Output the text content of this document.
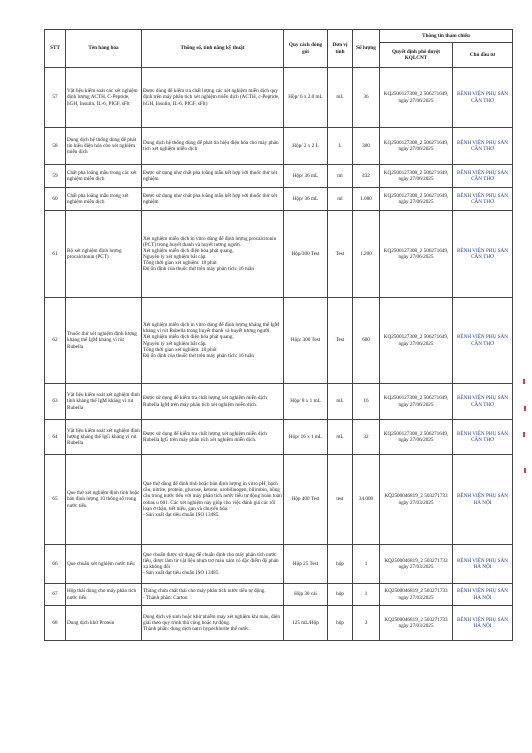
STT	Tên hàng hóa	Thông số, tính năng kỹ thuật	Quy cách đóng gói	Đơn vị tính	Số lượng	Thông tin tham chiếu	
						Quyết định phê duyệt KQLCNT	Chủ đầu tư
57	Vật liệu kiểm soát các xét nghiệm định lượng ACTH, C-Peptide, hGH, Insulin, IL-6, PIGF, sFlt	Được dùng để kiểm tra chất lượng các xét nghiệm miễn dịch quy định trên máy phân tích xét nghiệm miễn dịch (ACTH, c-Peptide, hGH, Insulin, IL-6, PIGF, sFlt)	Hộp/ 6 x 2.0 mL	mL	36	KQ2500127308_2 506271649, ngày 27/06/2025	BỆNH VIỆN PHỤ SẢN CẦN THƠ
58	Dung dịch hệ thống dùng để phát tín hiệu điện hóa cho xét nghiệm miễn dịch	Dung dịch hệ thống dùng để phát tín hiệu điện hóa cho máy phân tích xét nghiệm miễn dịch	Hộp/ 2 x 2 L	L	300	KQ2500127308_2 506271649, ngày 27/06/2025	BỆNH VIỆN PHỤ SẢN CẦN THƠ
59	Chất pha loãng mẫu trong các xét nghiệm miễn dịch	Được sử dụng như chất pha loãng mẫu kết hợp với thuốc thử xét nghiệm	Hộp/ 36 mL	ml	432	KQ2500127308_2 506271649, ngày 27/06/2025	BỆNH VIỆN PHỤ SẢN CẦN THƠ
60	Chất pha loãng mẫu trong xét nghiệm miễn dịch	Được sử dụng như chất pha loãng mẫu kết hợp với thuốc thử xét nghiệm	Hộp/ 36 mL	ml	1.080	KQ2500127308_2 506271649, ngày 27/06/2025	BỆNH VIỆN PHỤ SẢN CẦN THƠ
61	Bộ xét nghiệm định lượng procalcitonin (PCT)	Xét nghiệm miễn dịch in vitro dùng để định lượng procalcitonin (PCT) trong huyết thanh và huyết tương người.
Xét nghiệm miễn dịch điện hóa phát quang.
Nguyên lý xét nghiệm bắt cặp.
Tổng thời gian xét nghiệm: 18 phút
Độ ổn định của thuốc thử trên máy phân tích: 16 tuần	Hộp/300 Test	Test	1.200	KQ2500127308_2 506271649, ngày 27/06/2025	BỆNH VIỆN PHỤ SẢN CẦN THƠ
62	Thuốc thử xét nghiệm định lượng kháng thể IgM kháng vi rút Rubella	Xét nghiệm miễn dịch in vitro dùng để định lượng kháng thể IgM kháng vi rút Rubella trong huyết thanh và huyết tương người.
Xét nghiệm miễn dịch điện hóa phát quang.
Nguyên lý xét nghiệm bắt cặp.
Tổng thời gian xét nghiệm: 18 phút
Độ ổn định của thuốc thử trên máy phân tích: 16 tuần	Hộp/ 300 Test	Test	600	KQ2500127308_2 506271649, ngày 27/06/2025	BỆNH VIỆN PHỤ SẢN CẦN THƠ
63	Vật liệu kiểm soát xét nghiệm định tính kháng thể IgM kháng vi rút Rubella	Được sử dụng để kiểm tra chất lượng xét nghiệm miễn dịch Rubella IgM trên máy phân tích xét nghiệm miễn dịch.	Hộp/ 8 x 1 mL	mL	16	KQ2500127308_2 506271649, ngày 27/06/2025	BỆNH VIỆN PHỤ SẢN CẦN THƠ
64	Vật liệu kiểm soát xét nghiệm định lượng kháng thể IgG kháng vi rút Rubella	Được sử dụng để kiểm tra chất lượng xét nghiệm miễn dịch Rubella IgG trên máy phân tích xét nghiệm miễn dịch.	Hộp/ 16 x 1 mL	mL	32	KQ2500127308_2 506271649, ngày 27/06/2025	BỆNH VIỆN PHỤ SẢN CẦN THƠ
65	Que thử xét nghiệm định tính hoặc bán định lượng 10 thông số trong nước tiểu	Que thử dùng để định tính hoặc bán định lượng in vitro pH, bạch cầu, nitrite, protein, glucose, ketone, urobilinogen, bilirubin, hồng cầu trong nước tiểu với máy phân tích nước tiểu tự động hoàn toàn cobas u 601. Các xét nghiệm này giúp cho việc đánh giá các rối loạn ở thận, tiết niệu, gan và chuyển hóa.
- Sản xuất đạt tiêu chuẩn ISO 13485.	Hộp 400 Test	test	34.000	KQ2500046819_2 503271733 ngày 27/03/2025	BỆNH VIỆN PHỤ SẢN HÀ NỘI
66	Que chuẩn xét nghiệm nước tiểu	Que chuẩn được sử dụng để chuẩn định cho máy phân tích nước tiểu, được làm từ vật liệu nhựa trơ màu xám có đặc điểm độ phản xạ không đổi
- Sản xuất đạt tiêu chuẩn ISO 13485.	Hộp 25 Test	hộp	1	KQ2500046819_2 503271733 ngày 27/03/2025	BỆNH VIỆN PHỤ SẢN HÀ NỘI
67	Hộp thải dùng cho máy phân tích nước tiểu	Thùng chứa chất thải cho máy phân tích nước tiểu tự động.
- Thành phần: Carton	Hộp 30 cái	hộp	1	KQ2500046819_2 503271733 ngày 27/03/2025	BỆNH VIỆN PHỤ SẢN HÀ NỘI
68	Dung dịch khử Protein	Dung dịch vệ sinh hoặc khử nhiễm máy xét nghiệm khí máu, điện giải theo quy trình thủ công hoặc tự động.
Thành phần: dung dịch natri hypochlorite thể nước.	125 mL/Hộp	hộp	3	KQ2500046819_2 503271733 ngày 27/03/2025	BỆNH VIỆN PHỤ SẢN HÀ NỘI
